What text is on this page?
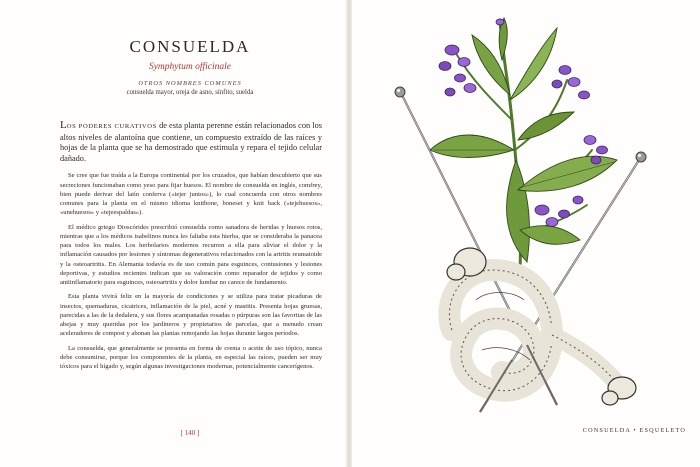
CONSUELDA
Symphytum officinale
OTROS NOMBRES COMUNES
consuelda mayor, oreja de asno, sínfito, suelda

LOS PODERES CURATIVOS de esta planta perenne están relacionados con los altos niveles de alantoína que contiene, un compuesto extraído de las raíces y hojas de la planta que se ha demostrado que estimula y repara el tejido celular dañado.

Se cree que fue traída a la Europa continental por los cruzados, que habían descubierto que sus secreciones funcionaban como yeso para fijar huesos. El nombre de consuelda en inglés, comfrey, bien puede derivar del latín conferva («tejer juntos»), lo cual concuerda con otros nombres comunes para la planta en el mismo idioma knitbone, boneset y knit back («tejehuesos», «unehuesos» y «tejeespaldas»).

El médico griego Dioscórides prescribió consuelda como sanadora de heridas y huesos rotos, mientras que a los médicos isabelinos nunca les faltaba esta hierba, que se consideraba la panacea para todos los males. Los herbolarios modernos recurren a ella para aliviar el dolor y la inflamación causados por lesiones y síntomas degenerativos relacionados con la artritis reumatoide y la osteoartritis. En Alemania todavía es de uso común para esguinces, contusiones y lesiones deportivas, y estudios recientes indican que su valoración como reparador de tejidos y como antiinflamatorio para esguinces, osteoartritis y dolor lumbar no carece de fundamento.

Esta planta vivirá feliz en la mayoría de condiciones y se utiliza para tratar picaduras de insectos, quemaduras, cicatrices, inflamación de la piel, acné y mastitis. Presenta hojas gruesas, parecidas a las de la dedalera, y sus flores acampanadas rosadas o púrpuras son las favoritas de las abejas y muy queridas por los jardineros y propietarios de parcelas, que a menudo crean aceleradores de compost y abonan las plantas remojando las hojas durante largos períodos.

La consuelda, que generalmente se presenta en forma de crema o aceite de uso tópico, nunca debe consumirse, porque los componentes de la planta, en especial las raíces, pueden ser muy tóxicos para el hígado y, según algunas investigaciones modernas, potencialmente cancerígenos.

[ 140 ]	CONSUELDA • ESQUELETO
